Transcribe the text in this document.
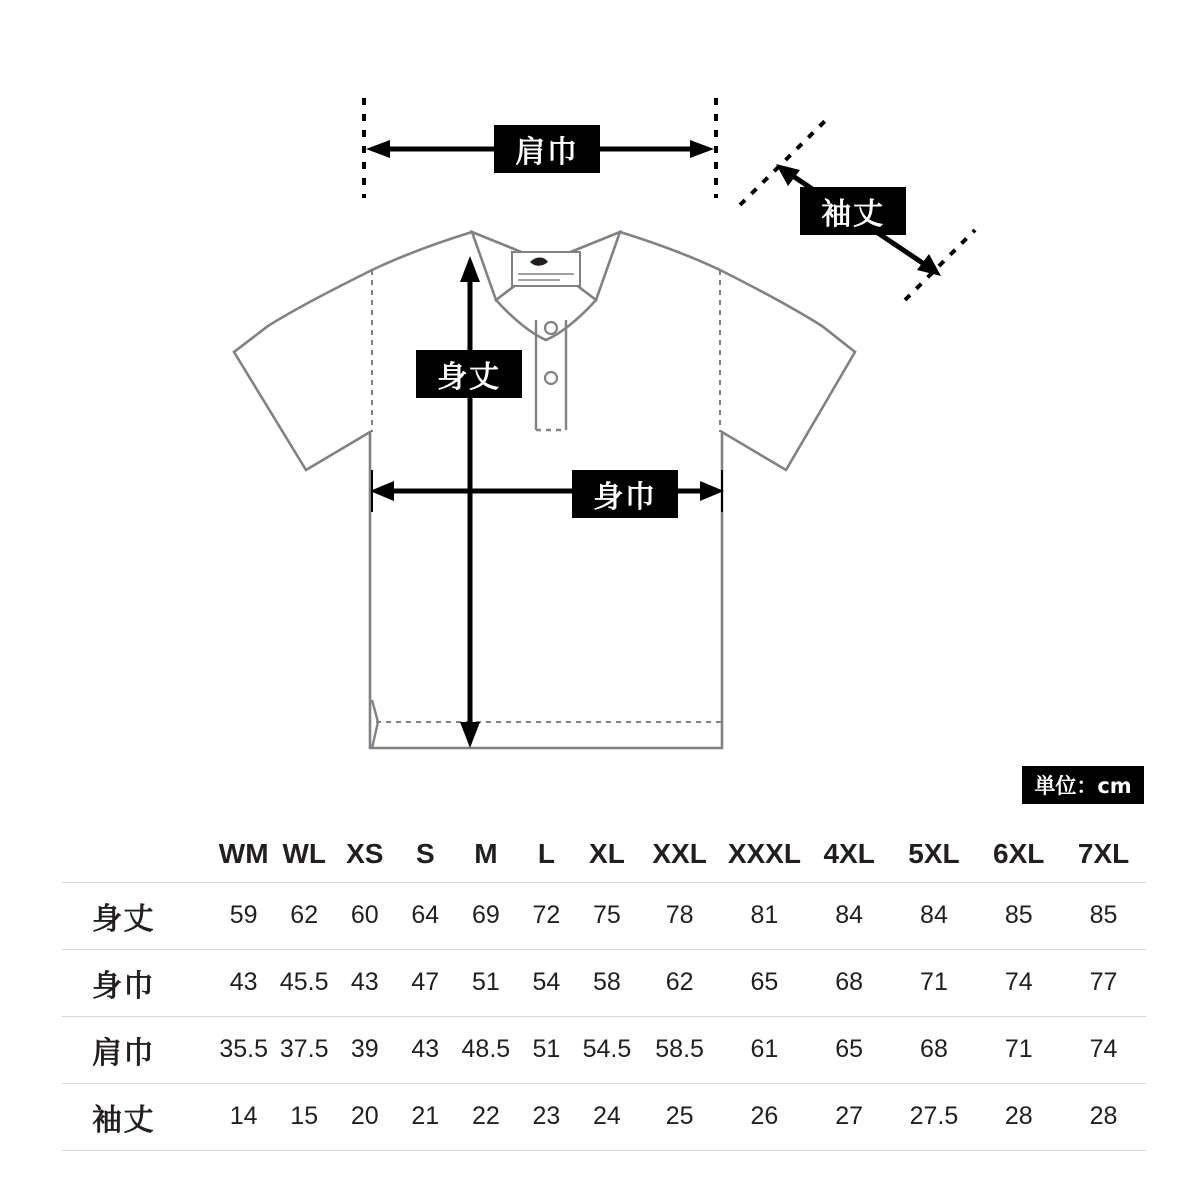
肩巾
袖丈
身丈
身巾
単位：cm
	WM	WL	XS	S	M	L	XL	XXL	XXXL	4XL	5XL	6XL	7XL
身丈	59	62	60	64	69	72	75	78	81	84	84	85	85
身巾	43	45.5	43	47	51	54	58	62	65	68	71	74	77
肩巾	35.5	37.5	39	43	48.5	51	54.5	58.5	61	65	68	71	74
袖丈	14	15	20	21	22	23	24	25	26	27	27.5	28	28
